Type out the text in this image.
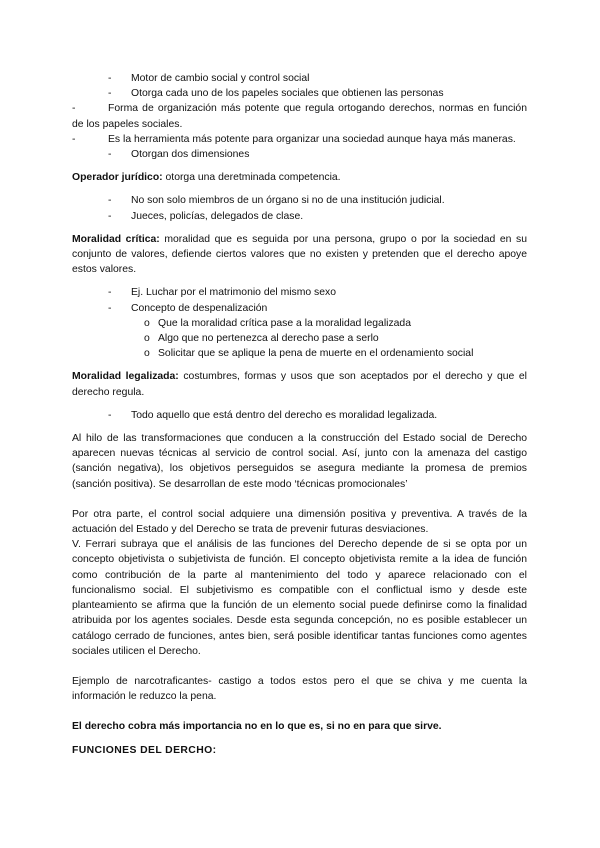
-	Motor de cambio social y control social
-	Otorga cada uno de los papeles sociales que obtienen las personas

-	Forma de organización más potente que regula ortogando derechos, normas en función de los papeles sociales.

-	Es la herramienta más potente para organizar una sociedad aunque haya más maneras.

-	Otorgan dos dimensiones

Operador jurídico: otorga una deretminada competencia.

-	No son solo miembros de un órgano si no de una institución judicial.
-	Jueces, policías, delegados de clase.

Moralidad crítica: moralidad que es seguida por una persona, grupo o por la sociedad en su conjunto de valores, defiende ciertos valores que no existen y pretenden que el derecho apoye estos valores.

-	Ej. Luchar por el matrimonio del mismo sexo
-	Concepto de despenalización
o Que la moralidad crítica pase a la moralidad legalizada
o Algo que no pertenezca al derecho pase a serlo
o Solicitar que se aplique la pena de muerte en el ordenamiento social

Moralidad legalizada: costumbres, formas y usos que son aceptados por el derecho y que el derecho regula.

-	Todo aquello que está dentro del derecho es moralidad legalizada.

Al hilo de las transformaciones que conducen a la construcción del Estado social de Derecho aparecen nuevas técnicas al servicio de control social. Así, junto con la amenaza del castigo (sanción negativa), los objetivos perseguidos se asegura mediante la promesa de premios (sanción positiva). Se desarrollan de este modo ‘técnicas promocionales’

Por otra parte, el control social adquiere una dimensión positiva y preventiva. A través de la actuación del Estado y del Derecho se trata de prevenir futuras desviaciones.

V. Ferrari subraya que el análisis de las funciones del Derecho depende de si se opta por un concepto objetivista o subjetivista de función. El concepto objetivista remite a la idea de función como contribución de la parte al mantenimiento del todo y aparece relacionado con el funcionalismo social. El subjetivismo es compatible con el conflictual ismo y desde este planteamiento se afirma que la función de un elemento social puede definirse como la finalidad atribuida por los agentes sociales. Desde esta segunda concepción, no es posible establecer un catálogo cerrado de funciones, antes bien, será posible identificar tantas funciones como agentes sociales utilicen el Derecho.

Ejemplo de narcotraficantes- castigo a todos estos pero el que se chiva y me cuenta la información le reduzco la pena.

El derecho cobra más importancia no en lo que es, si no en para que sirve.

FUNCIONES DEL DERCHO:
